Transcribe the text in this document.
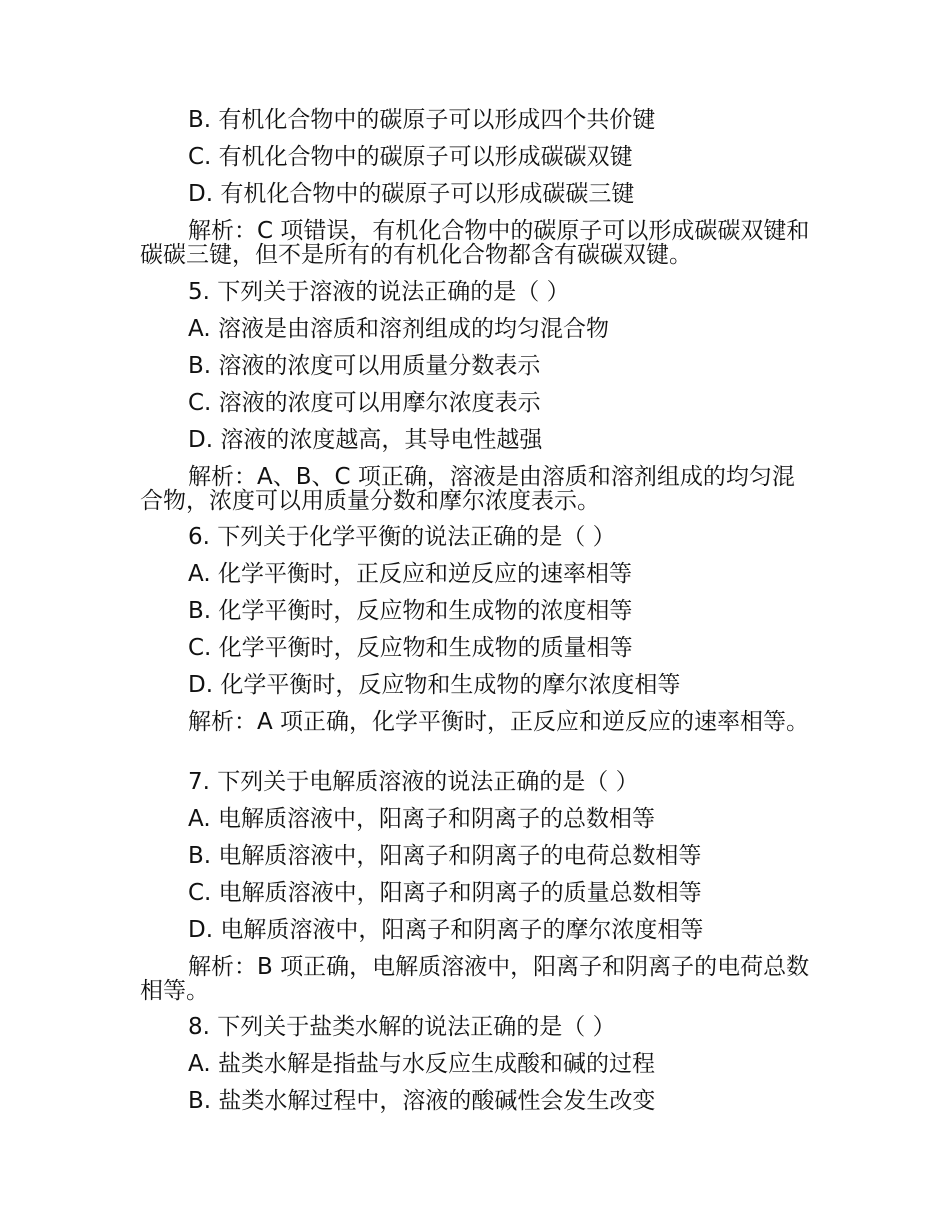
B. 有机化合物中的碳原子可以形成四个共价键
C. 有机化合物中的碳原子可以形成碳碳双键
D. 有机化合物中的碳原子可以形成碳碳三键
解析：C 项错误，有机化合物中的碳原子可以形成碳碳双键和碳碳三键，但不是所有的有机化合物都含有碳碳双键。
5. 下列关于溶液的说法正确的是（ ）
A. 溶液是由溶质和溶剂组成的均匀混合物
B. 溶液的浓度可以用质量分数表示
C. 溶液的浓度可以用摩尔浓度表示
D. 溶液的浓度越高，其导电性越强
解析：A、B、C 项正确，溶液是由溶质和溶剂组成的均匀混合物，浓度可以用质量分数和摩尔浓度表示。
6. 下列关于化学平衡的说法正确的是（ ）
A. 化学平衡时，正反应和逆反应的速率相等
B. 化学平衡时，反应物和生成物的浓度相等
C. 化学平衡时，反应物和生成物的质量相等
D. 化学平衡时，反应物和生成物的摩尔浓度相等
解析：A 项正确，化学平衡时，正反应和逆反应的速率相等。
7. 下列关于电解质溶液的说法正确的是（ ）
A. 电解质溶液中，阳离子和阴离子的总数相等
B. 电解质溶液中，阳离子和阴离子的电荷总数相等
C. 电解质溶液中，阳离子和阴离子的质量总数相等
D. 电解质溶液中，阳离子和阴离子的摩尔浓度相等
解析：B 项正确，电解质溶液中，阳离子和阴离子的电荷总数相等。
8. 下列关于盐类水解的说法正确的是（ ）
A. 盐类水解是指盐与水反应生成酸和碱的过程
B. 盐类水解过程中，溶液的酸碱性会发生改变
